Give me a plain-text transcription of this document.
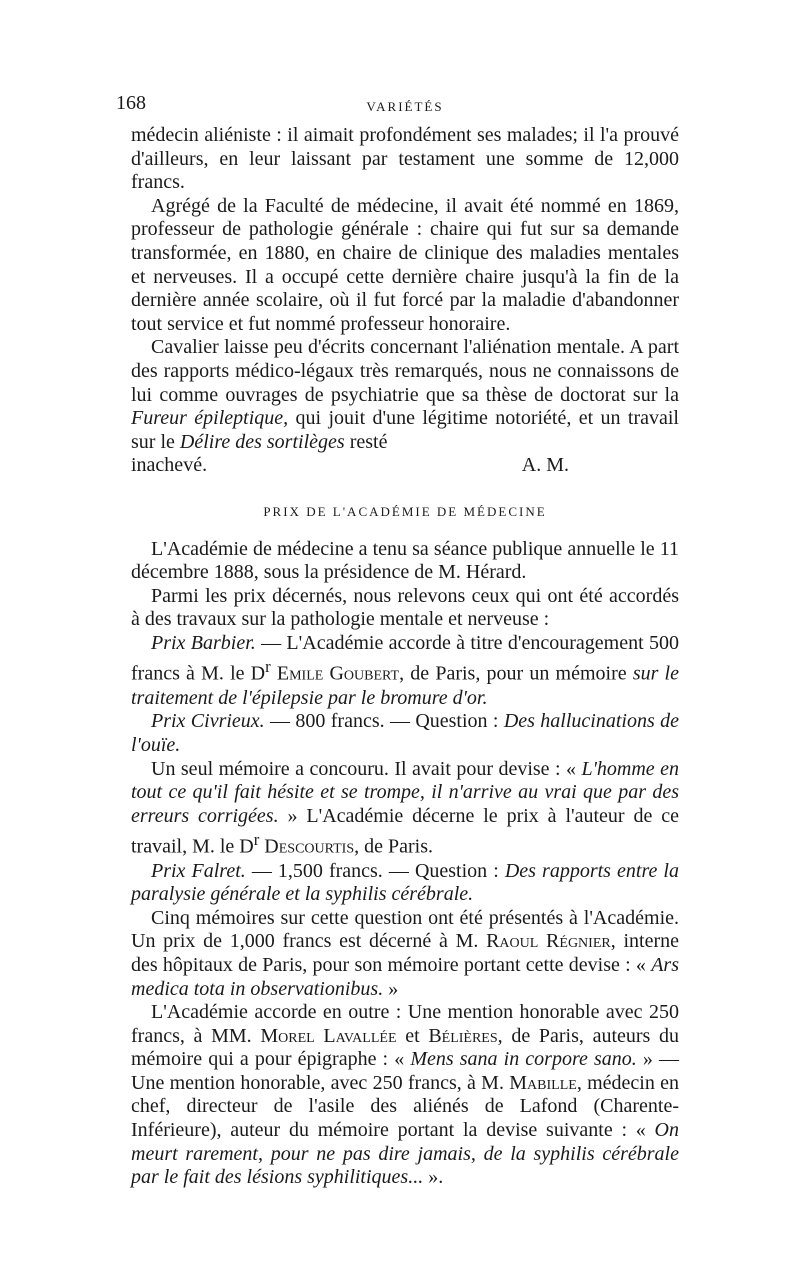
168	VARIÉTÉS

médecin aliéniste : il aimait profondément ses malades; il l'a prouvé d'ailleurs, en leur laissant par testament une somme de 12,000 francs.

Agrégé de la Faculté de médecine, il avait été nommé en 1869, professeur de pathologie générale : chaire qui fut sur sa demande transformée, en 1880, en chaire de clinique des maladies mentales et nerveuses. Il a occupé cette dernière chaire jusqu'à la fin de la dernière année scolaire, où il fut forcé par la maladie d'abandonner tout service et fut nommé professeur honoraire.

Cavalier laisse peu d'écrits concernant l'aliénation mentale. A part des rapports médico-légaux très remarqués, nous ne connaissons de lui comme ouvrages de psychiatrie que sa thèse de doctorat sur la Fureur épileptique, qui jouit d'une légitime notoriété, et un travail sur le Délire des sortilèges resté

inachevé.	A. M.
PRIX DE L'ACADÉMIE DE MÉDECINE

L'Académie de médecine a tenu sa séance publique annuelle le 11 décembre 1888, sous la présidence de M. Hérard.

Parmi les prix décernés, nous relevons ceux qui ont été accordés à des travaux sur la pathologie mentale et nerveuse :

Prix Barbier. — L'Académie accorde à titre d'encouragement 500 francs à M. le $D^r$ Emile Goubert, de Paris, pour un mémoire sur le traitement de l'épilepsie par le bromure d'or.

Prix Civrieux. — 800 francs. — Question : Des hallucinations de l'ouïe.

Un seul mémoire a concouru. Il avait pour devise : « L'homme en tout ce qu'il fait hésite et se trompe, il n'arrive au vrai que par des erreurs corrigées. » L'Académie décerne le prix à l'auteur de ce travail, M. le $D^r$ Descourtis, de Paris.

Prix Falret. — 1,500 francs. — Question : Des rapports entre la paralysie générale et la syphilis cérébrale.

Cinq mémoires sur cette question ont été présentés à l'Académie. Un prix de 1,000 francs est décerné à M. Raoul Régnier, interne des hôpitaux de Paris, pour son mémoire portant cette devise : « Ars medica tota in observationibus. »

L'Académie accorde en outre : Une mention honorable avec 250 francs, à MM. Morel Lavallée et Bélières, de Paris, auteurs du mémoire qui a pour épigraphe : « Mens sana in corpore sano. » — Une mention honorable, avec 250 francs, à M. Mabille, médecin en chef, directeur de l'asile des aliénés de Lafond (Charente-Inférieure), auteur du mémoire portant la devise suivante : « On meurt rarement, pour ne pas dire jamais, de la syphilis cérébrale par le fait des lésions syphilitiques... ».
